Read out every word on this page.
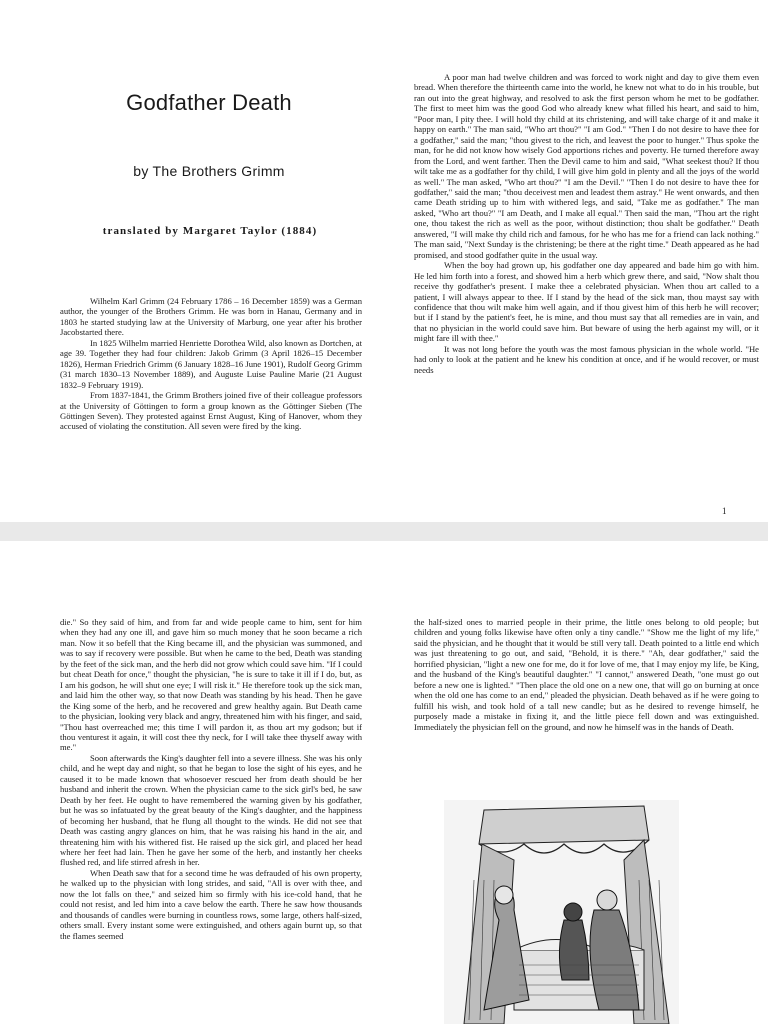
Godfather Death
by The Brothers Grimm
translated by Margaret Taylor (1884)

Wilhelm Karl Grimm (24 February 1786 – 16 December 1859) was a German author, the younger of the Brothers Grimm. He was born in Hanau, Germany and in 1803 he started studying law at the University of Marburg, one year after his brother Jacobstarted there.

In 1825 Wilhelm married Henriette Dorothea Wild, also known as Dortchen, at age 39. Together they had four children: Jakob Grimm (3 April 1826–15 December 1826), Herman Friedrich Grimm (6 January 1828–16 June 1901), Rudolf Georg Grimm (31 march 1830–13 November 1889), and Auguste Luise Pauline Marie (21 August 1832–9 February 1919).

From 1837-1841, the Grimm Brothers joined five of their colleague professors at the University of Göttingen to form a group known as the Göttinger Sieben (The Göttingen Seven). They protested against Ernst August, King of Hanover, whom they accused of violating the constitution. All seven were fired by the king.

A poor man had twelve children and was forced to work night and day to give them even bread. When therefore the thirteenth came into the world, he knew not what to do in his trouble, but ran out into the great highway, and resolved to ask the first person whom he met to be godfather. The first to meet him was the good God who already knew what filled his heart, and said to him, "Poor man, I pity thee. I will hold thy child at its christening, and will take charge of it and make it happy on earth." The man said, "Who art thou?" "I am God." "Then I do not desire to have thee for a godfather," said the man; "thou givest to the rich, and leavest the poor to hunger." Thus spoke the man, for he did not know how wisely God apportions riches and poverty. He turned therefore away from the Lord, and went farther. Then the Devil came to him and said, "What seekest thou? If thou wilt take me as a godfather for thy child, I will give him gold in plenty and all the joys of the world as well." The man asked, "Who art thou?" "I am the Devil." "Then I do not desire to have thee for godfather," said the man; "thou deceivest men and leadest them astray." He went onwards, and then came Death striding up to him with withered legs, and said, "Take me as godfather." The man asked, "Who art thou?" "I am Death, and I make all equal." Then said the man, "Thou art the right one, thou takest the rich as well as the poor, without distinction; thou shalt be godfather." Death answered, "I will make thy child rich and famous, for he who has me for a friend can lack nothing." The man said, "Next Sunday is the christening; be there at the right time." Death appeared as he had promised, and stood godfather quite in the usual way.

When the boy had grown up, his godfather one day appeared and bade him go with him. He led him forth into a forest, and showed him a herb which grew there, and said, "Now shalt thou receive thy godfather's present. I make thee a celebrated physician. When thou art called to a patient, I will always appear to thee. If I stand by the head of the sick man, thou mayst say with confidence that thou wilt make him well again, and if thou givest him of this herb he will recover; but if I stand by the patient's feet, he is mine, and thou must say that all remedies are in vain, and that no physician in the world could save him. But beware of using the herb against my will, or it might fare ill with thee."

It was not long before the youth was the most famous physician in the whole world. "He had only to look at the patient and he knew his condition at once, and if he would recover, or must needs

1

die." So they said of him, and from far and wide people came to him, sent for him when they had any one ill, and gave him so much money that he soon became a rich man. Now it so befell that the King became ill, and the physician was summoned, and was to say if recovery were possible. But when he came to the bed, Death was standing by the feet of the sick man, and the herb did not grow which could save him. "If I could but cheat Death for once," thought the physician, "he is sure to take it ill if I do, but, as I am his godson, he will shut one eye; I will risk it." He therefore took up the sick man, and laid him the other way, so that now Death was standing by his head. Then he gave the King some of the herb, and he recovered and grew healthy again. But Death came to the physician, looking very black and angry, threatened him with his finger, and said, "Thou hast overreached me; this time I will pardon it, as thou art my godson; but if thou venturest it again, it will cost thee thy neck, for I will take thee thyself away with me."

Soon afterwards the King's daughter fell into a severe illness. She was his only child, and he wept day and night, so that he began to lose the sight of his eyes, and he caused it to be made known that whosoever rescued her from death should be her husband and inherit the crown. When the physician came to the sick girl's bed, he saw Death by her feet. He ought to have remembered the warning given by his godfather, but he was so infatuated by the great beauty of the King's daughter, and the happiness of becoming her husband, that he flung all thought to the winds. He did not see that Death was casting angry glances on him, that he was raising his hand in the air, and threatening him with his withered fist. He raised up the sick girl, and placed her head where her feet had lain. Then he gave her some of the herb, and instantly her cheeks flushed red, and life stirred afresh in her.

When Death saw that for a second time he was defrauded of his own property, he walked up to the physician with long strides, and said, "All is over with thee, and now the lot falls on thee," and seized him so firmly with his ice-cold hand, that he could not resist, and led him into a cave below the earth. There he saw how thousands and thousands of candles were burning in countless rows, some large, others half-sized, others small. Every instant some were extinguished, and others again burnt up, so that the flames seemed

the half-sized ones to married people in their prime, the little ones belong to old people; but children and young folks likewise have often only a tiny candle." "Show me the light of my life," said the physician, and he thought that it would be still very tall. Death pointed to a little end which was just threatening to go out, and said, "Behold, it is there." "Ah, dear godfather," said the horrified physician, "light a new one for me, do it for love of me, that I may enjoy my life, be King, and the husband of the King's beautiful daughter." "I cannot," answered Death, "one must go out before a new one is lighted." "Then place the old one on a new one, that will go on burning at once when the old one has come to an end," pleaded the physician. Death behaved as if he were going to fulfill his wish, and took hold of a tall new candle; but as he desired to revenge himself, he purposely made a mistake in fixing it, and the little piece fell down and was extinguished. Immediately the physician fell on the ground, and now he himself was in the hands of Death.
